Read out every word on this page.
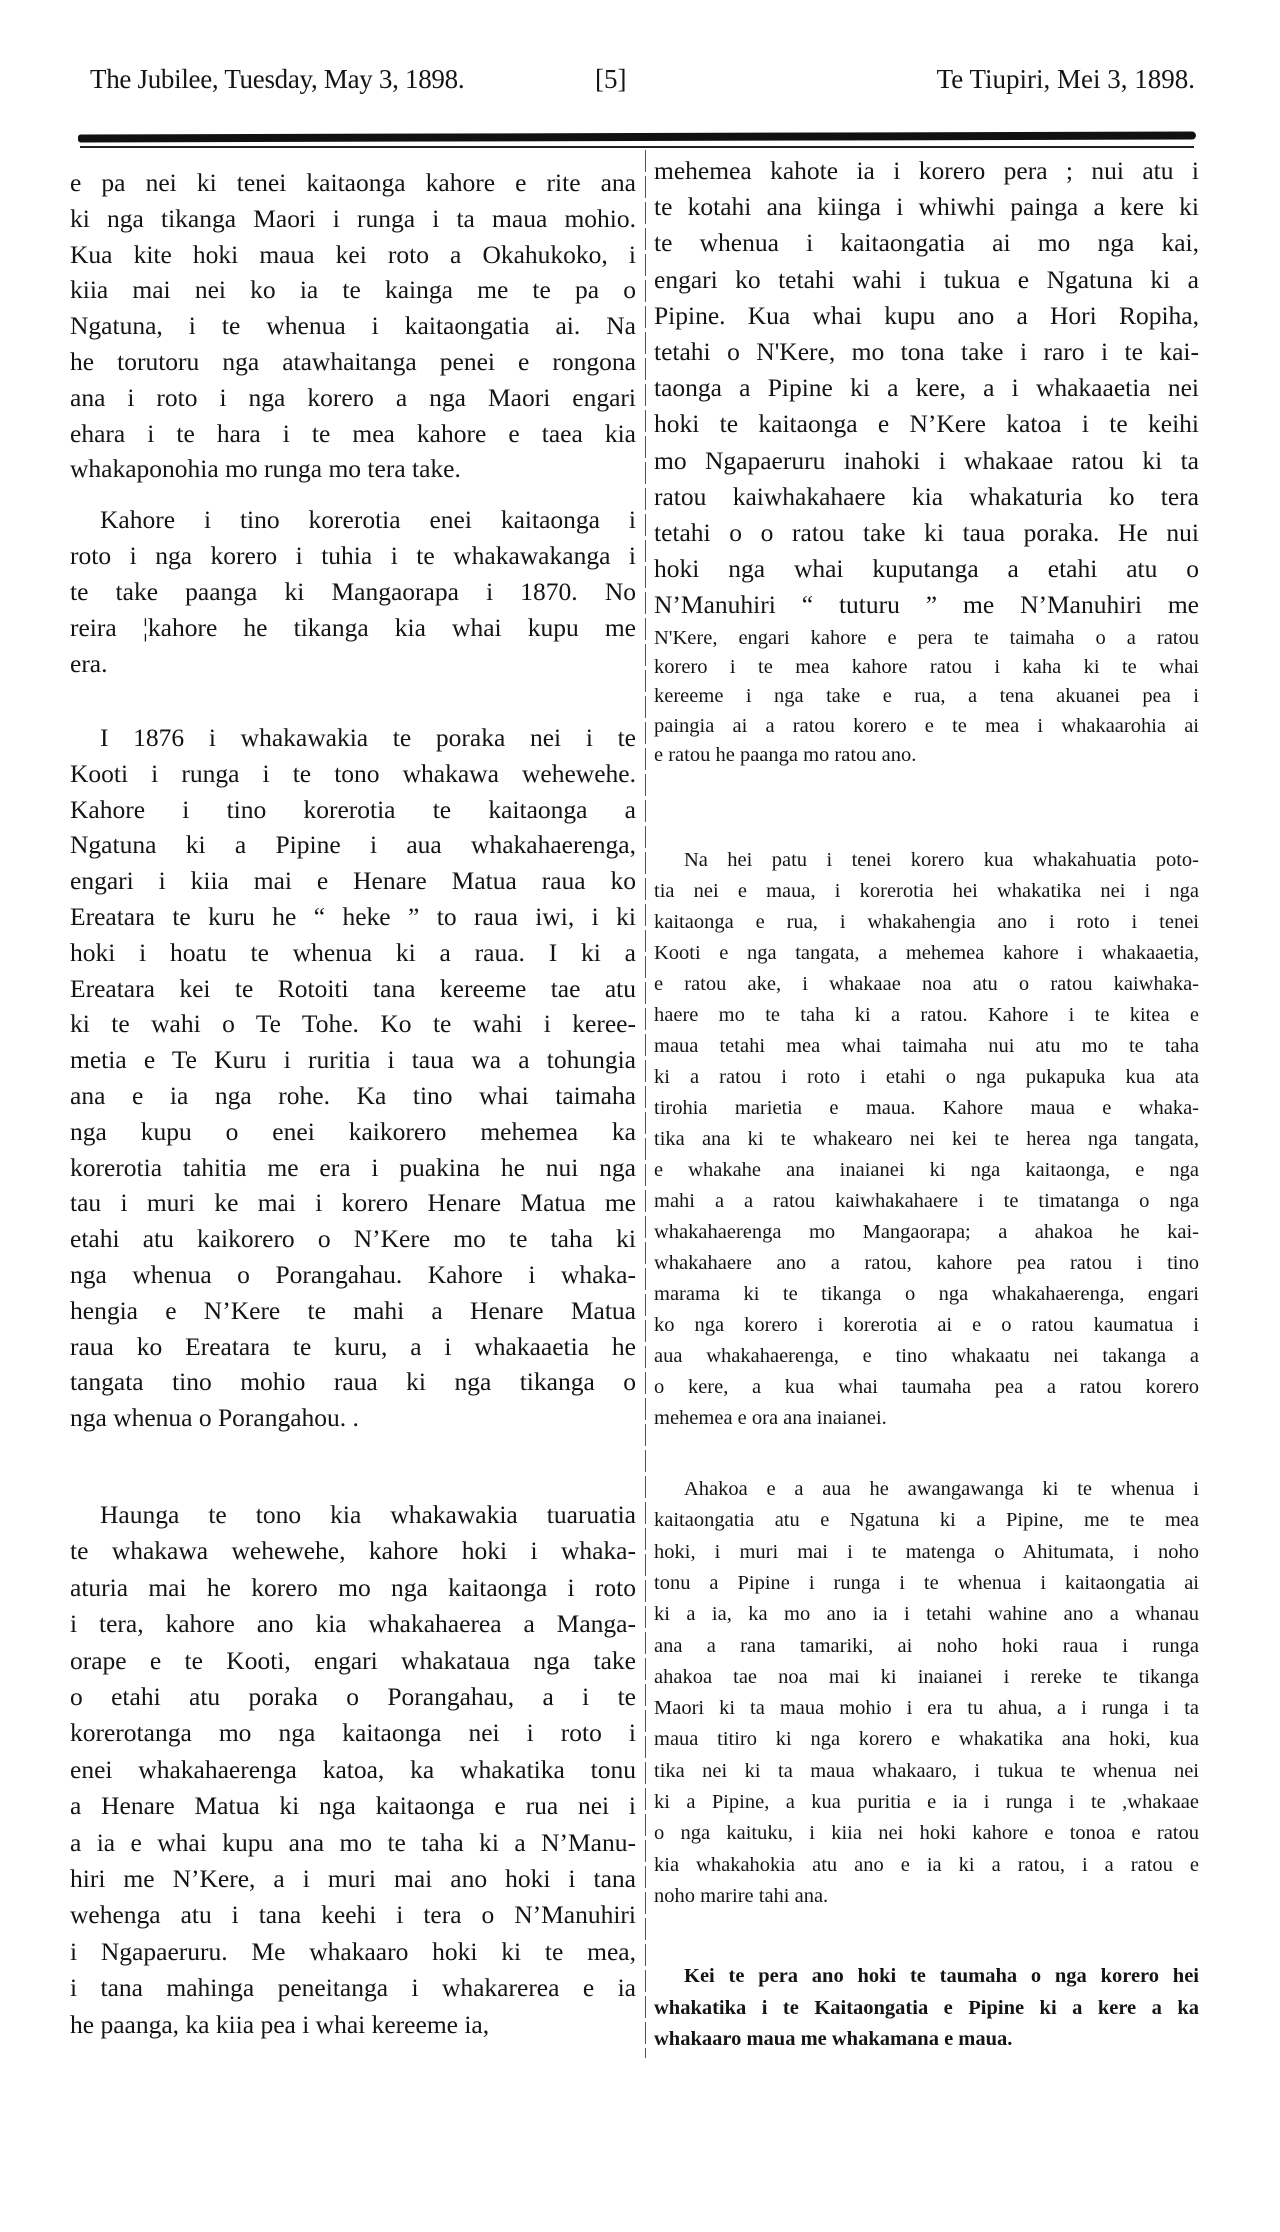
The Jubilee, Tuesday, May 3, 1898.	[5]	Te Tiupiri, Mei 3, 1898.
e pa nei ki tenei kaitaonga kahore e rite ana
ki nga tikanga Maori i runga i ta maua mohio.
Kua kite hoki maua kei roto a Okahukoko, i
kiia mai nei ko ia te kainga me te pa o
Ngatuna, i te whenua i kaitaongatia ai. Na
he torutoru nga atawhaitanga penei e rongona
ana i roto i nga korero a nga Maori engari
ehara i te hara i te mea kahore e taea kia
whakaponohia mo runga mo tera take.
Kahore i tino korerotia enei kaitaonga i
roto i nga korero i tuhia i te whakawakanga i
te take paanga ki Mangaorapa i 1870. No
reira ¦kahore he tikanga kia whai kupu me
era.
I 1876 i whakawakia te poraka nei i te
Kooti i runga i te tono whakawa wehewehe.
Kahore i tino korerotia te kaitaonga a
Ngatuna ki a Pipine i aua whakahaerenga,
engari i kiia mai e Henare Matua raua ko
Ereatara te kuru he “ heke ” to raua iwi, i ki
hoki i hoatu te whenua ki a raua. I ki a
Ereatara kei te Rotoiti tana kereeme tae atu
ki te wahi o Te Tohe. Ko te wahi i keree-
metia e Te Kuru i ruritia i taua wa a tohungia
ana e ia nga rohe. Ka tino whai taimaha
nga kupu o enei kaikorero mehemea ka
korerotia tahitia me era i puakina he nui nga
tau i muri ke mai i korero Henare Matua me
etahi atu kaikorero o N’Kere mo te taha ki
nga whenua o Porangahau. Kahore i whaka-
hengia e N’Kere te mahi a Henare Matua
raua ko Ereatara te kuru, a i whakaaetia he
tangata tino mohio raua ki nga tikanga o
nga whenua o Porangahou. .
Haunga te tono kia whakawakia tuaruatia
te whakawa wehewehe, kahore hoki i whaka-
aturia mai he korero mo nga kaitaonga i roto
i tera, kahore ano kia whakahaerea a Manga-
orape e te Kooti, engari whakataua nga take
o etahi atu poraka o Porangahau, a i te
korerotanga mo nga kaitaonga nei i roto i
enei whakahaerenga katoa, ka whakatika tonu
a Henare Matua ki nga kaitaonga e rua nei i
a ia e whai kupu ana mo te taha ki a N’Manu-
hiri me N’Kere, a i muri mai ano hoki i tana
wehenga atu i tana keehi i tera o N’Manuhiri
i Ngapaeruru. Me whakaaro hoki ki te mea,
i tana mahinga peneitanga i whakarerea e ia
he paanga, ka kiia pea i whai kereeme ia,
mehemea kahote ia i korero pera ; nui atu i
te kotahi ana kiinga i whiwhi painga a kere ki
te whenua i kaitaongatia ai mo nga kai,
engari ko tetahi wahi i tukua e Ngatuna ki a
Pipine. Kua whai kupu ano a Hori Ropiha,
tetahi o N'Kere, mo tona take i raro i te kai-
taonga a Pipine ki a kere, a i whakaaetia nei
hoki te kaitaonga e N’Kere katoa i te keihi
mo Ngapaeruru inahoki i whakaae ratou ki ta
ratou kaiwhakahaere kia whakaturia ko tera
tetahi o o ratou take ki taua poraka. He nui
hoki nga whai kuputanga a etahi atu o
N’Manuhiri “ tuturu ” me N’Manuhiri me
N'Kere, engari kahore e pera te taimaha o a ratou
korero i te mea kahore ratou i kaha ki te whai
kereeme i nga take e rua, a tena akuanei pea i
paingia ai a ratou korero e te mea i whakaarohia ai
e ratou he paanga mo ratou ano.
Na hei patu i tenei korero kua whakahuatia poto-
tia nei e maua, i korerotia hei whakatika nei i nga
kaitaonga e rua, i whakahengia ano i roto i tenei
Kooti e nga tangata, a mehemea kahore i whakaaetia,
e ratou ake, i whakaae noa atu o ratou kaiwhaka-
haere mo te taha ki a ratou. Kahore i te kitea e
maua tetahi mea whai taimaha nui atu mo te taha
ki a ratou i roto i etahi o nga pukapuka kua ata
tirohia marietia e maua. Kahore maua e whaka-
tika ana ki te whakearo nei kei te herea nga tangata,
e whakahe ana inaianei ki nga kaitaonga, e nga
mahi a a ratou kaiwhakahaere i te timatanga o nga
whakahaerenga mo Mangaorapa; a ahakoa he kai-
whakahaere ano a ratou, kahore pea ratou i tino
marama ki te tikanga o nga whakahaerenga, engari
ko nga korero i korerotia ai e o ratou kaumatua i
aua whakahaerenga, e tino whakaatu nei takanga a
o kere, a kua whai taumaha pea a ratou korero
mehemea e ora ana inaianei.
Ahakoa e a aua he awangawanga ki te whenua i
kaitaongatia atu e Ngatuna ki a Pipine, me te mea
hoki, i muri mai i te matenga o Ahitumata, i noho
tonu a Pipine i runga i te whenua i kaitaongatia ai
ki a ia, ka mo ano ia i tetahi wahine ano a whanau
ana a rana tamariki, ai noho hoki raua i runga
ahakoa tae noa mai ki inaianei i rereke te tikanga
Maori ki ta maua mohio i era tu ahua, a i runga i ta
maua titiro ki nga korero e whakatika ana hoki, kua
tika nei ki ta maua whakaaro, i tukua te whenua nei
ki a Pipine, a kua puritia e ia i runga i te ,whakaae
o nga kaituku, i kiia nei hoki kahore e tonoa e ratou
kia whakahokia atu ano e ia ki a ratou, i a ratou e
noho marire tahi ana.
Kei te pera ano hoki te taumaha o nga korero hei
whakatika i te Kaitaongatia e Pipine ki a kere a ka
whakaaro maua me whakamana e maua.
